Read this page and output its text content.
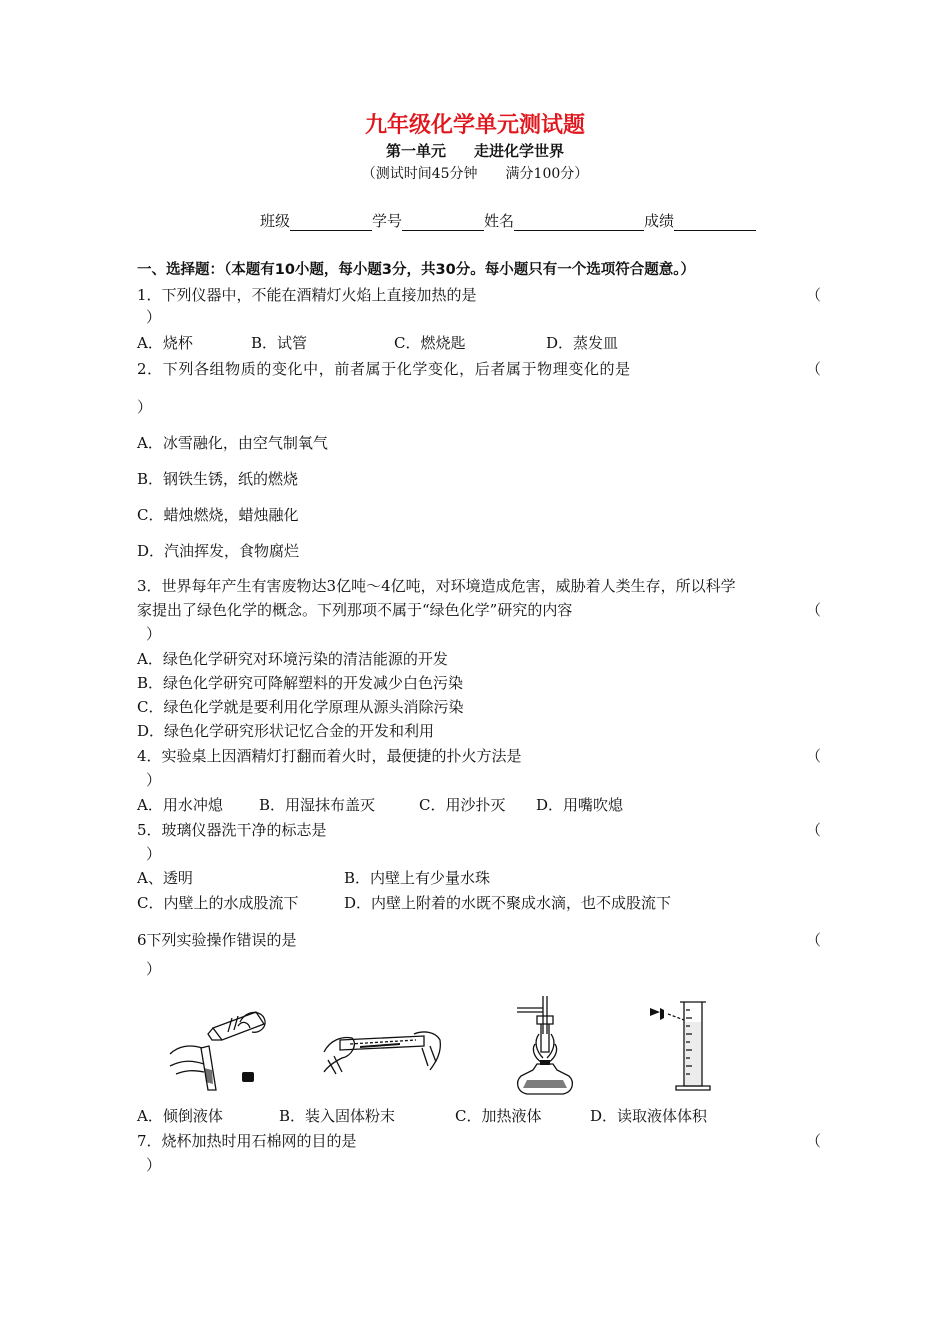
九年级化学单元测试题
第一单元 走进化学世界
（测试时间45分钟　　满分100分）
班级	学号	姓名	成绩
一、选择题：（本题有10小题，每小题3分，共30分。每小题只有一个选项符合题意。）
1．下列仪器中，不能在酒精灯火焰上直接加热的是	（
）
A．烧杯	B．试管	C．燃烧匙	D．蒸发皿
2．下列各组物质的变化中，前者属于化学变化，后者属于物理变化的是	（
）
A．冰雪融化，由空气制氧气
B．钢铁生锈，纸的燃烧
C．蜡烛燃烧，蜡烛融化
D．汽油挥发，食物腐烂
3．世界每年产生有害废物达3亿吨～4亿吨，对环境造成危害，威胁着人类生存，所以科学
家提出了绿色化学的概念。下列那项不属于“绿色化学”研究的内容	（
）
A．绿色化学研究对环境污染的清洁能源的开发
B．绿色化学研究可降解塑料的开发减少白色污染
C．绿色化学就是要利用化学原理从源头消除污染
D．绿色化学研究形状记忆合金的开发和利用
4．实验桌上因酒精灯打翻而着火时，最便捷的扑火方法是	（
）
A．用水冲熄 B．用湿抹布盖灭	C．用沙扑灭 D．用嘴吹熄
5．玻璃仪器洗干净的标志是	（
）
A、透明	B．内壁上有少量水珠
C．内壁上的水成股流下	D．内壁上附着的水既不聚成水滴，也不成股流下
6下列实验操作错误的是	（
）
A．倾倒液体	B．装入固体粉末	C．加热液体	D．读取液体体积
7．烧杯加热时用石棉网的目的是	（
）
